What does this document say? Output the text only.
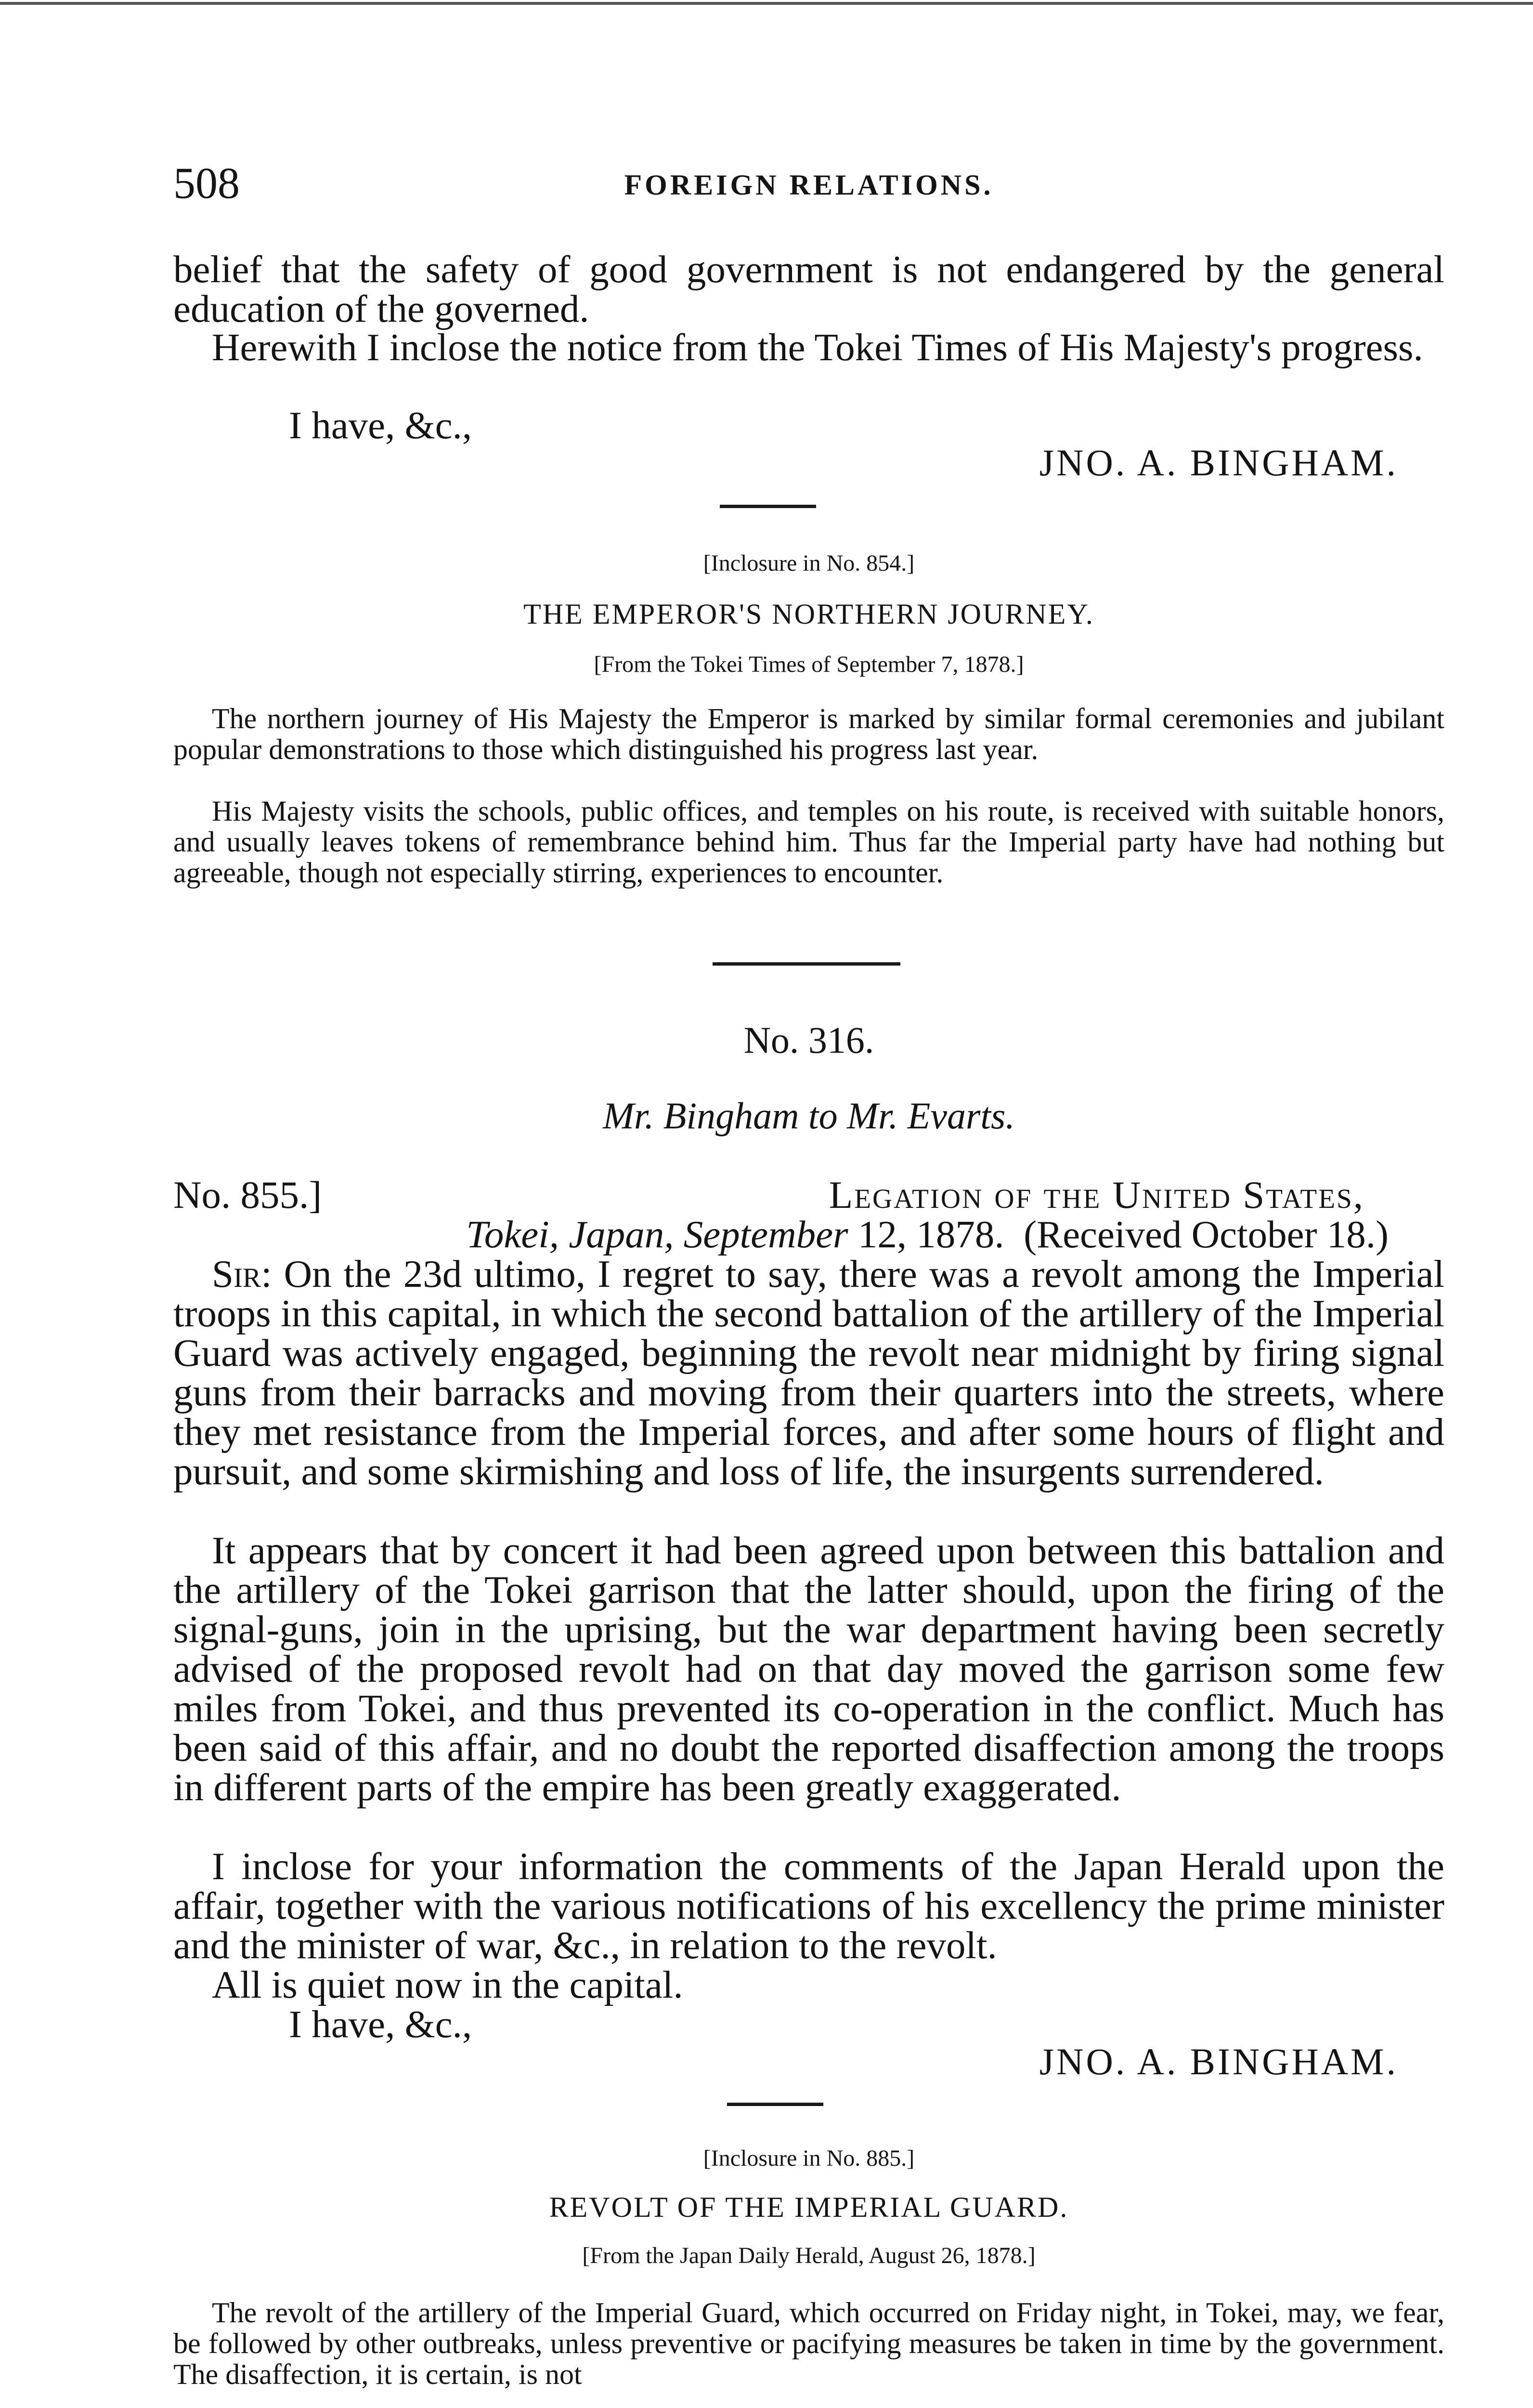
508	FOREIGN RELATIONS.

belief that the safety of good government is not endangered by the general education of the governed.

Herewith I inclose the notice from the Tokei Times of His Majesty's progress.

I have, &c.,
JNO. A. BINGHAM.
[Inclosure in No. 854.]
THE EMPEROR'S NORTHERN JOURNEY.
[From the Tokei Times of September 7, 1878.]

The northern journey of His Majesty the Emperor is marked by similar formal ceremonies and jubilant popular demonstrations to those which distinguished his progress last year.

His Majesty visits the schools, public offices, and temples on his route, is received with suitable honors, and usually leaves tokens of remembrance behind him. Thus far the Imperial party have had nothing but agreeable, though not especially stirring, experiences to encounter.

No. 316.
Mr. Bingham to Mr. Evarts.
No. 855.]	Legation of the United States,
Tokei, Japan, September 12, 1878. (Received October 18.)

Sir: On the 23d ultimo, I regret to say, there was a revolt among the Imperial troops in this capital, in which the second battalion of the artillery of the Imperial Guard was actively engaged, beginning the revolt near midnight by firing signal guns from their barracks and moving from their quarters into the streets, where they met resistance from the Imperial forces, and after some hours of flight and pursuit, and some skirmishing and loss of life, the insurgents surrendered.

It appears that by concert it had been agreed upon between this battalion and the artillery of the Tokei garrison that the latter should, upon the firing of the signal-guns, join in the uprising, but the war department having been secretly advised of the proposed revolt had on that day moved the garrison some few miles from Tokei, and thus prevented its co-operation in the conflict. Much has been said of this affair, and no doubt the reported disaffection among the troops in different parts of the empire has been greatly exaggerated.

I inclose for your information the comments of the Japan Herald upon the affair, together with the various notifications of his excellency the prime minister and the minister of war, &c., in relation to the revolt.

All is quiet now in the capital.

I have, &c.,
JNO. A. BINGHAM.
[Inclosure in No. 885.]
REVOLT OF THE IMPERIAL GUARD.
[From the Japan Daily Herald, August 26, 1878.]

The revolt of the artillery of the Imperial Guard, which occurred on Friday night, in Tokei, may, we fear, be followed by other outbreaks, unless preventive or pacifying measures be taken in time by the government. The disaffection, it is certain, is not
